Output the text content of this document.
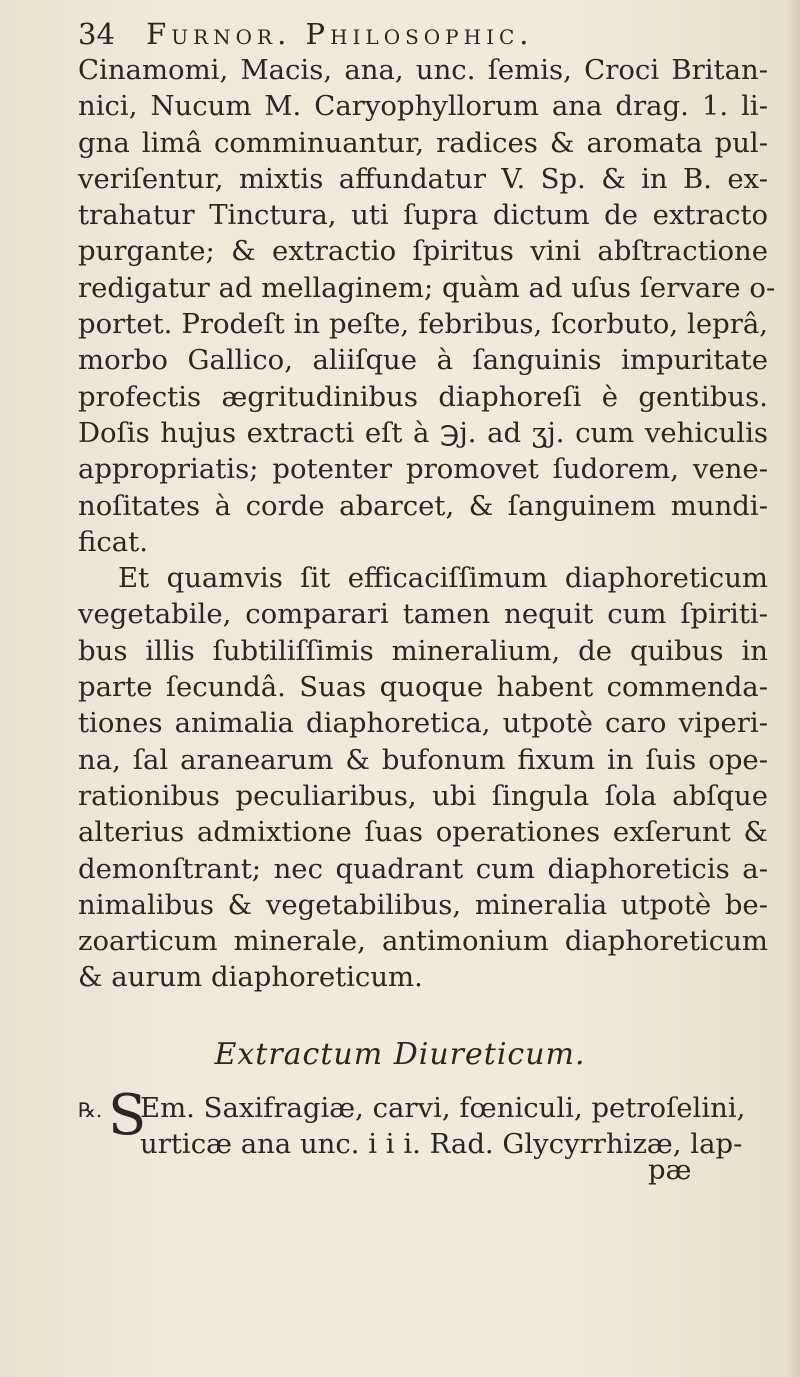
34 Furnor. Philosophic.
Cinamomi, Macis, ana, unc. ſemis, Croci Britan-
nici, Nucum M. Caryophyllorum ana drag. 1. li-
gna limâ comminuantur, radices & aromata pul-
veriſentur, mixtis affundatur V. Sp. & in B. ex-
trahatur Tinctura, uti ſupra dictum de extracto
purgante; & extractio ſpiritus vini abſtractione
redigatur ad mellaginem; quàm ad uſus ſervare o-
portet. Prodeſt in peſte, febribus, ſcorbuto, leprâ,
morbo Gallico, aliiſque à ſanguinis impuritate
profectis ægritudinibus diaphoreſi è gentibus.
Doſis hujus extracti eſt à ℈j. ad ʒj. cum vehiculis
appropriatis; potenter promovet ſudorem, vene-
noſitates à corde abarcet, & ſanguinem mundi-
ficat.
Et quamvis ſit efficaciſſimum diaphoreticum
vegetabile, comparari tamen nequit cum ſpiriti-
bus illis ſubtiliſſimis mineralium, de quibus in
parte ſecundâ. Suas quoque habent commenda-
tiones animalia diaphoretica, utpotè caro viperi-
na, ſal aranearum & bufonum fixum in ſuis ope-
rationibus peculiaribus, ubi ſingula ſola abſque
alterius admixtione ſuas operationes exſerunt &
demonſtrant; nec quadrant cum diaphoreticis a-
nimalibus & vegetabilibus, mineralia utpotè be-
zoarticum minerale, antimonium diaphoreticum
& aurum diaphoreticum.
Extractum Diureticum.
℞. S
Em. Saxifragiæ, carvi, fœniculi, petroſelini,
urticæ ana unc. i i i. Rad. Glycyrrhizæ, lap-
pæ
